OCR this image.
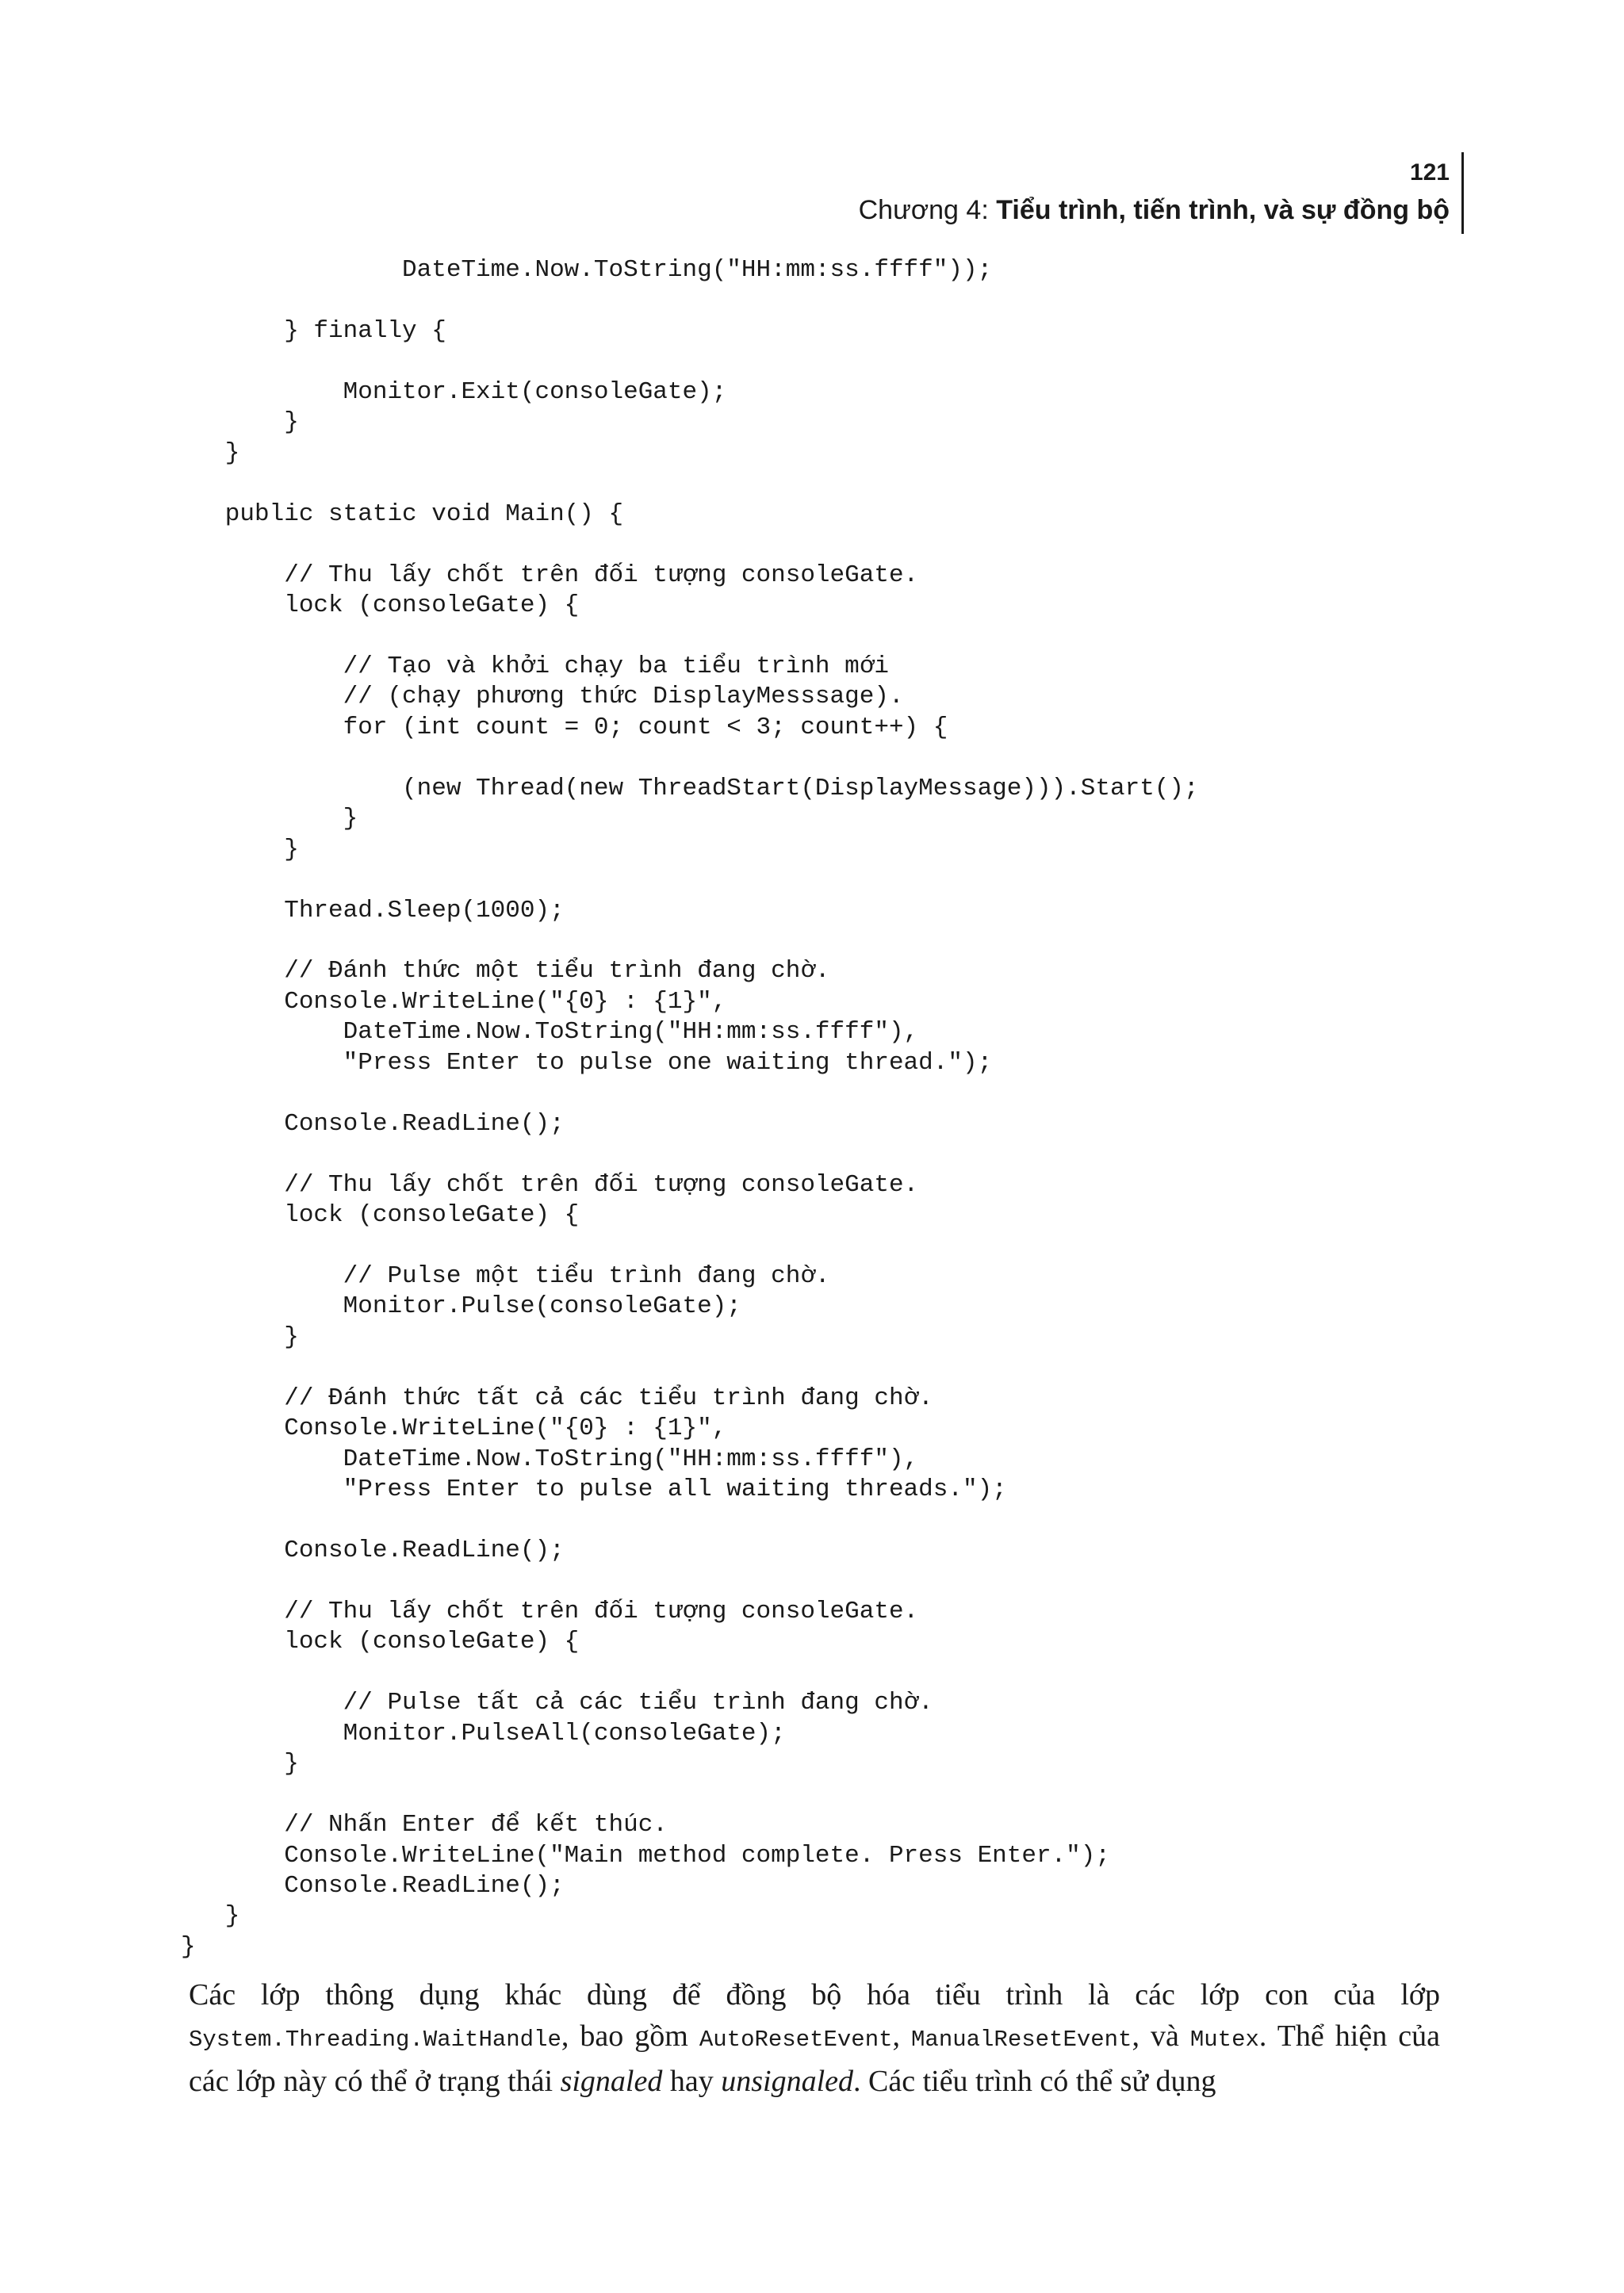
121
Chương 4: Tiểu trình, tiến trình, và sự đồng bộ
DateTime.Now.ToString("HH:mm:ss.ffff"));

} finally {

Monitor.Exit(consoleGate);
}
}

public static void Main() {

// Thu lấy chốt trên đối tượng consoleGate.
lock (consoleGate) {

// Tạo và khởi chạy ba tiểu trình mới
// (chạy phương thức DisplayMesssage).
for (int count = 0; count < 3; count++) {

(new Thread(new ThreadStart(DisplayMessage))).Start();
}
}

Thread.Sleep(1000);

// Đánh thức một tiểu trình đang chờ.
Console.WriteLine("{0} : {1}",
DateTime.Now.ToString("HH:mm:ss.ffff"),
"Press Enter to pulse one waiting thread.");

Console.ReadLine();

// Thu lấy chốt trên đối tượng consoleGate.
lock (consoleGate) {

// Pulse một tiểu trình đang chờ.
Monitor.Pulse(consoleGate);
}

// Đánh thức tất cả các tiểu trình đang chờ.
Console.WriteLine("{0} : {1}",
DateTime.Now.ToString("HH:mm:ss.ffff"),
"Press Enter to pulse all waiting threads.");

Console.ReadLine();

// Thu lấy chốt trên đối tượng consoleGate.
lock (consoleGate) {

// Pulse tất cả các tiểu trình đang chờ.
Monitor.PulseAll(consoleGate);
}

// Nhấn Enter để kết thúc.
Console.WriteLine("Main method complete. Press Enter.");
Console.ReadLine();
}
}
Các lớp thông dụng khác dùng để đồng bộ hóa tiểu trình là các lớp con của lớp System.Threading.WaitHandle, bao gồm AutoResetEvent, ManualResetEvent, và Mutex. Thể hiện của các lớp này có thể ở trạng thái signaled hay unsignaled. Các tiểu trình có thể sử dụng
